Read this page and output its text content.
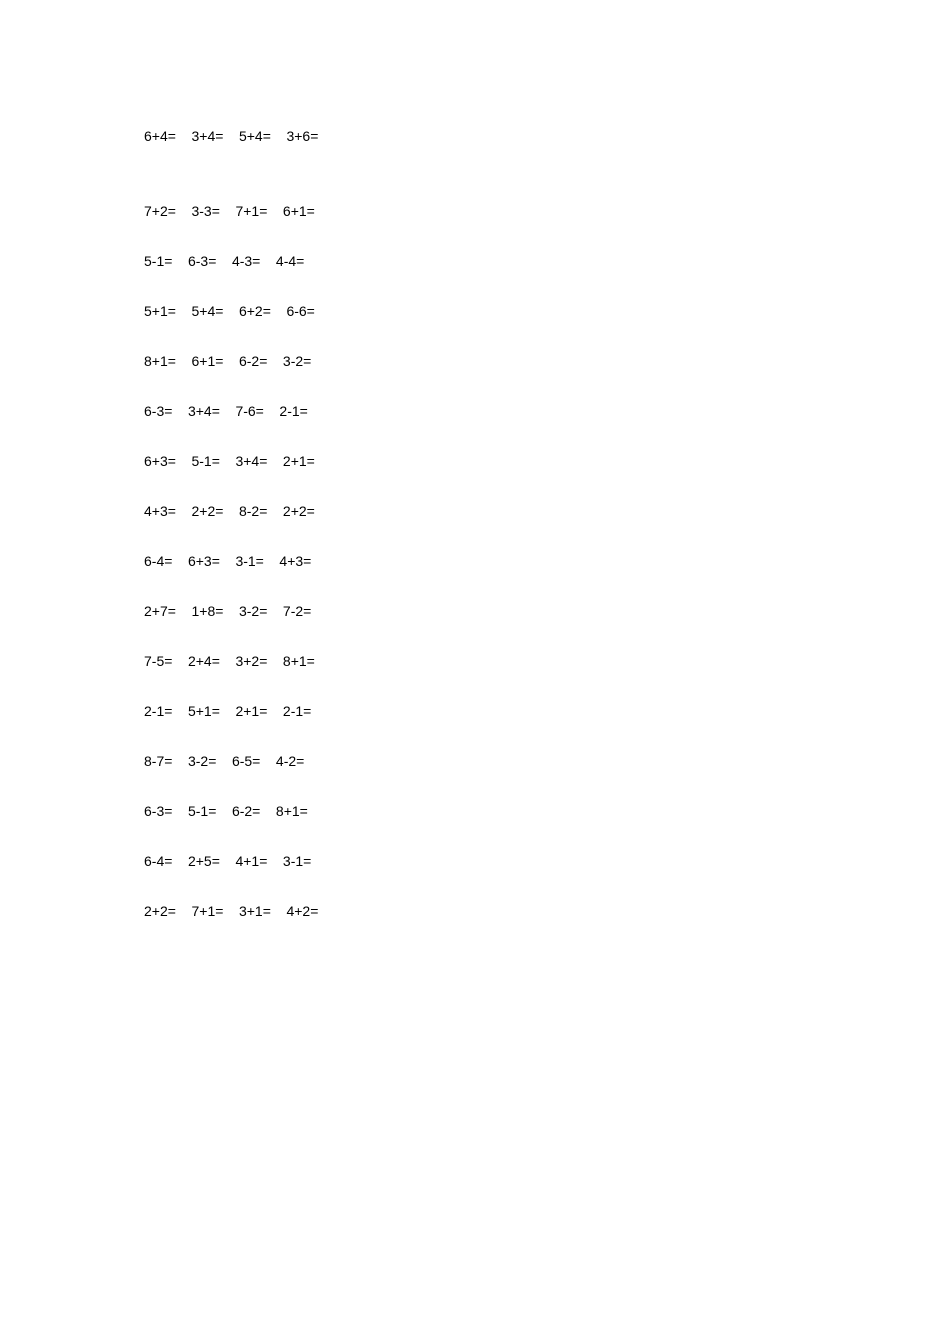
6+4=    3+4=    5+4=    3+6=
7+2=    3-3=    7+1=    6+1=
5-1=    6-3=    4-3=    4-4=
5+1=    5+4=    6+2=    6-6=
8+1=    6+1=    6-2=    3-2=
6-3=    3+4=    7-6=    2-1=
6+3=    5-1=    3+4=    2+1=
4+3=    2+2=    8-2=    2+2=
6-4=    6+3=    3-1=    4+3=
2+7=    1+8=    3-2=    7-2=
7-5=    2+4=    3+2=    8+1=
2-1=    5+1=    2+1=    2-1=
8-7=    3-2=    6-5=    4-2=
6-3=    5-1=    6-2=    8+1=
6-4=    2+5=    4+1=    3-1=
2+2=    7+1=    3+1=    4+2=
